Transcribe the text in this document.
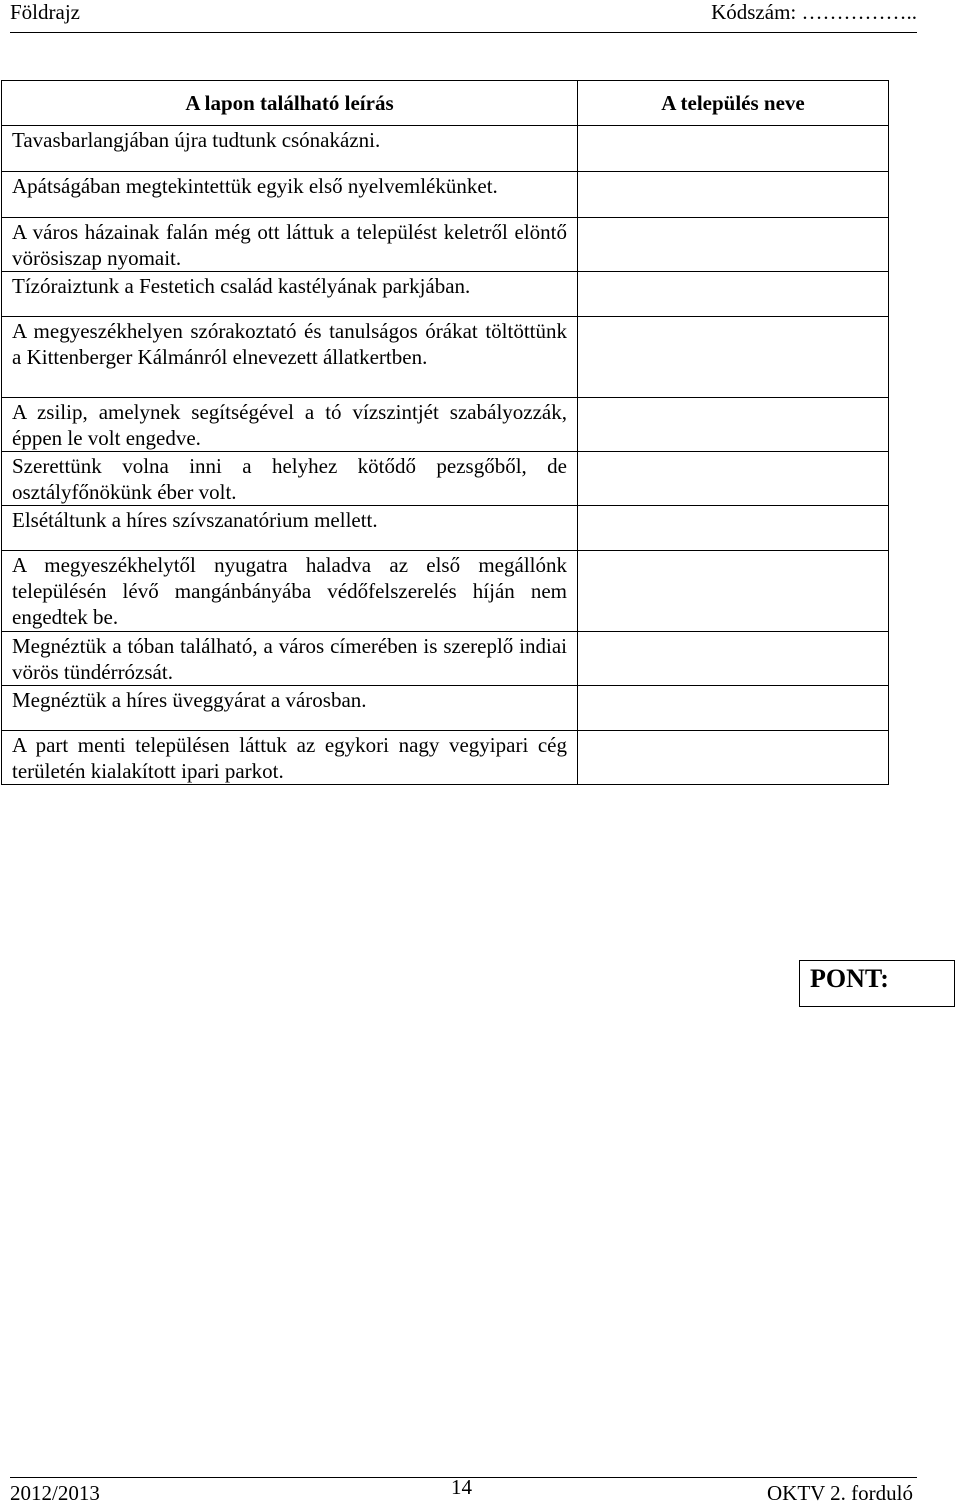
Földrajz	Kódszám: ……………..
A lapon található leírás	A település neve

Tavasbarlangjában újra tudtunk csónakázni.	

Apátságában megtekintettük egyik első nyelvemlékünket.	

A város házainak falán még ott láttuk a települést keletről elöntő vörösiszap nyomait.	

Tízóraiztunk a Festetich család kastélyának parkjában.	

A megyeszékhelyen szórakoztató és tanulságos órákat töltöttünk a Kittenberger Kálmánról elnevezett állatkertben.	

A zsilip, amelynek segítségével a tó vízszintjét szabályozzák, éppen le volt engedve.	

Szerettünk volna inni a helyhez kötődő pezsgőből, de osztályfőnökünk éber volt.	

Elsétáltunk a híres szívszanatórium mellett.	

A megyeszékhelytől nyugatra haladva az első megállónk településén lévő mangánbányába védőfelszerelés híján nem engedtek be.	

Megnéztük a tóban található, a város címerében is szereplő indiai vörös tündérrózsát.	

Megnéztük a híres üveggyárat a városban.	

A part menti településen láttuk az egykori nagy vegyipari cég területén kialakított ipari parkot.	

PONT:
2012/2013	14	OKTV 2. forduló
